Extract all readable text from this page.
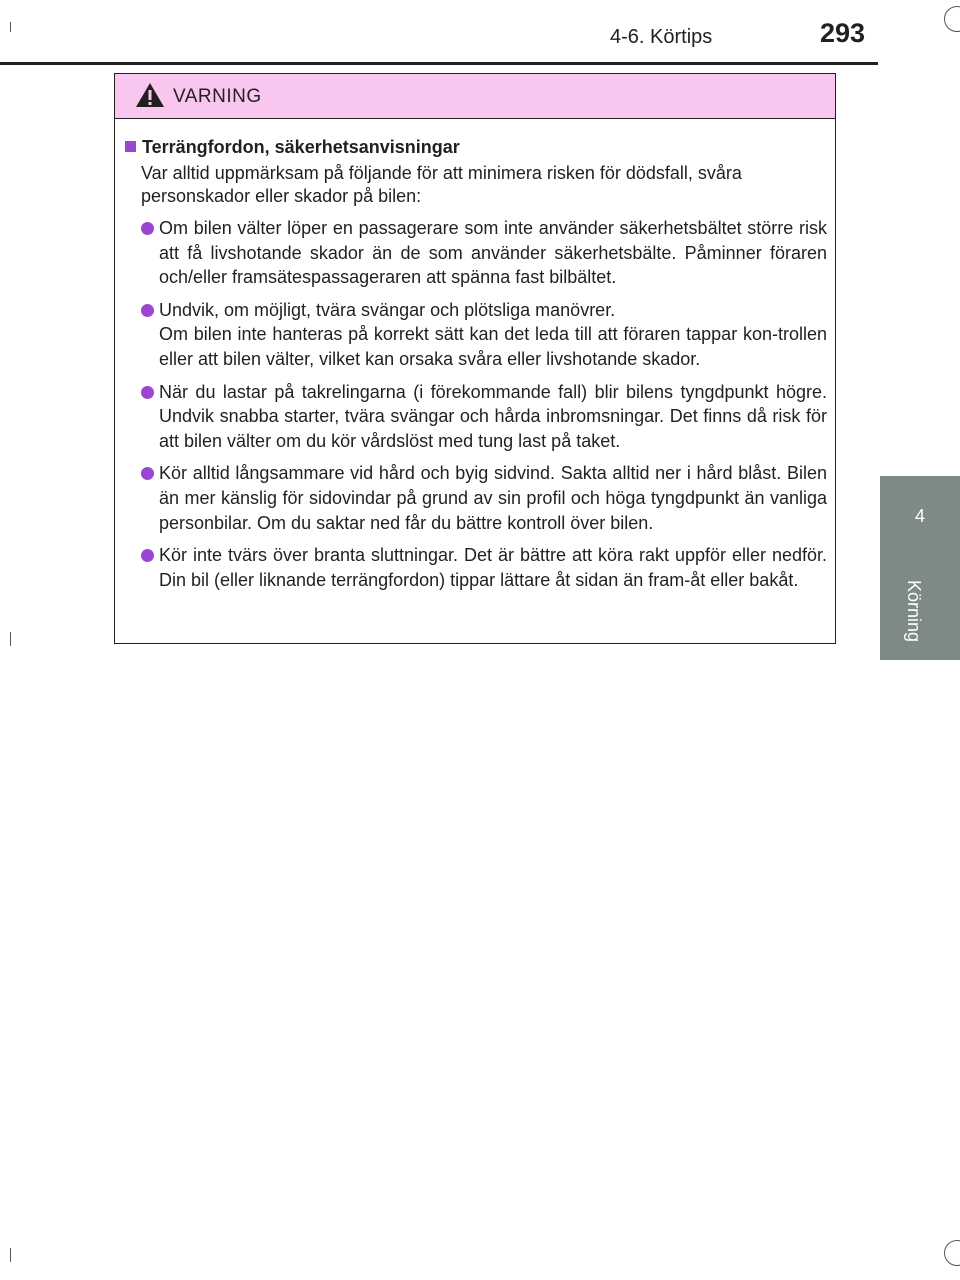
4-6. Körtips	293
4
Körning
VARNING
Terrängfordon, säkerhetsanvisningar
Var alltid uppmärksam på följande för att minimera risken för dödsfall, svåra personskador eller skador på bilen:
Om bilen välter löper en passagerare som inte använder säkerhetsbältet större risk att få livshotande skador än de som använder säkerhetsbälte. Påminner föraren och/eller framsätespassageraren att spänna fast bilbältet.
Undvik, om möjligt, tvära svängar och plötsliga manövrer.
Om bilen inte hanteras på korrekt sätt kan det leda till att föraren tappar kon-trollen eller att bilen välter, vilket kan orsaka svåra eller livshotande skador.
När du lastar på takrelingarna (i förekommande fall) blir bilens tyngdpunkt högre. Undvik snabba starter, tvära svängar och hårda inbromsningar. Det finns då risk för att bilen välter om du kör vårdslöst med tung last på taket.
Kör alltid långsammare vid hård och byig sidvind. Sakta alltid ner i hård blåst. Bilen än mer känslig för sidovindar på grund av sin profil och höga tyngdpunkt än vanliga personbilar. Om du saktar ned får du bättre kontroll över bilen.
Kör inte tvärs över branta sluttningar. Det är bättre att köra rakt uppför eller nedför. Din bil (eller liknande terrängfordon) tippar lättare åt sidan än fram-åt eller bakåt.
